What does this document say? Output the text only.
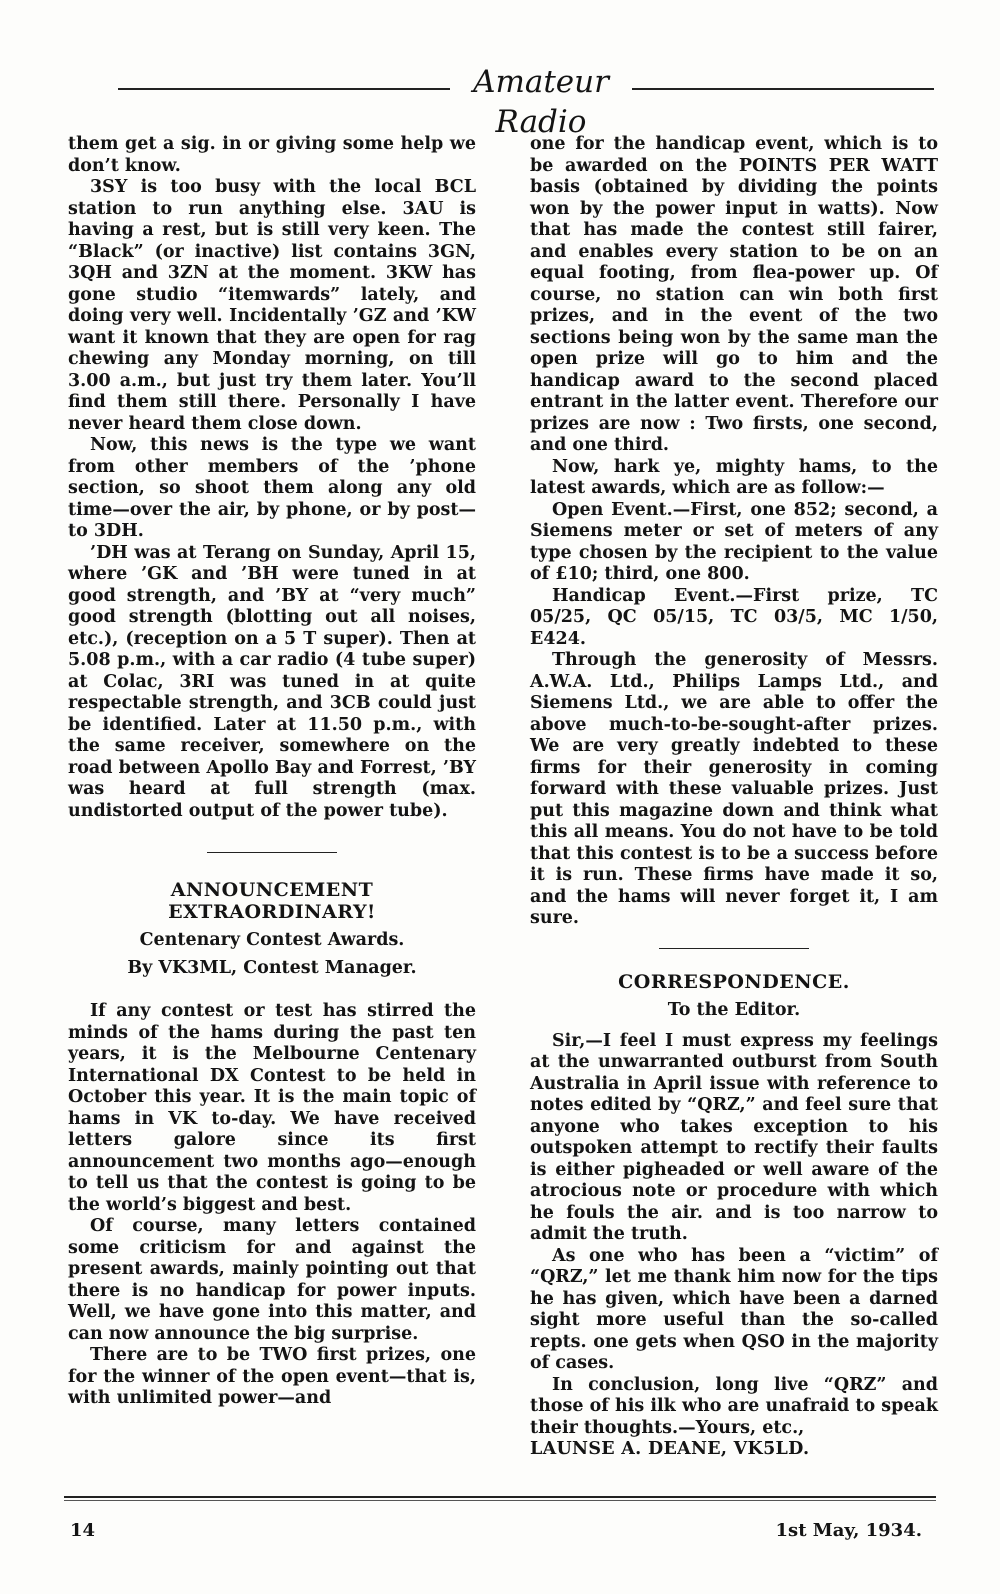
Amateur Radio

them get a sig. in or giving some help we don’t know.

3SY is too busy with the local BCL station to run anything else. 3AU is having a rest, but is still very keen. The “Black” (or inactive) list contains 3GN, 3QH and 3ZN at the moment. 3KW has gone studio “itemwards” lately, and doing very well. Incidentally ’GZ and ’KW want it known that they are open for rag chewing any Monday morning, on till 3.00 a.m., but just try them later. You’ll find them still there. Personally I have never heard them close down.

Now, this news is the type we want from other members of the ’phone section, so shoot them along any old time—over the air, by phone, or by post—to 3DH.

’DH was at Terang on Sunday, April 15, where ’GK and ’BH were tuned in at good strength, and ’BY at “very much” good strength (blotting out all noises, etc.), (reception on a 5 T super). Then at 5.08 p.m., with a car radio (4 tube super) at Colac, 3RI was tuned in at quite respectable strength, and 3CB could just be identified. Later at 11.50 p.m., with the same receiver, somewhere on the road between Apollo Bay and Forrest, ’BY was heard at full strength (max. undistorted output of the power tube).

ANNOUNCEMENT
EXTRAORDINARY!
Centenary Contest Awards.
By VK3ML, Contest Manager.

If any contest or test has stirred the minds of the hams during the past ten years, it is the Melbourne Centenary International DX Contest to be held in October this year. It is the main topic of hams in VK to-day. We have received letters galore since its first announcement two months ago—enough to tell us that the contest is going to be the world’s biggest and best.

Of course, many letters contained some criticism for and against the present awards, mainly pointing out that there is no handicap for power inputs. Well, we have gone into this matter, and can now announce the big surprise.

There are to be TWO first prizes, one for the winner of the open event—that is, with unlimited power—and

one for the handicap event, which is to be awarded on the POINTS PER WATT basis (obtained by dividing the points won by the power input in watts). Now that has made the contest still fairer, and enables every station to be on an equal footing, from flea-power up. Of course, no station can win both first prizes, and in the event of the two sections being won by the same man the open prize will go to him and the handicap award to the second placed entrant in the latter event. Therefore our prizes are now : Two firsts, one second, and one third.

Now, hark ye, mighty hams, to the latest awards, which are as follow:—

Open Event.—First, one 852; second, a Siemens meter or set of meters of any type chosen by the recipient to the value of £10; third, one 800.

Handicap Event.—First prize, TC 05/25, QC 05/15, TC 03/5, MC 1/50, E424.

Through the generosity of Messrs. A.W.A. Ltd., Philips Lamps Ltd., and Siemens Ltd., we are able to offer the above much-to-be-sought-after prizes. We are very greatly indebted to these firms for their generosity in coming forward with these valuable prizes. Just put this magazine down and think what this all means. You do not have to be told that this contest is to be a success before it is run. These firms have made it so, and the hams will never forget it, I am sure.

CORRESPONDENCE.
To the Editor.

Sir,—I feel I must express my feelings at the unwarranted outburst from South Australia in April issue with reference to notes edited by “QRZ,” and feel sure that anyone who takes exception to his outspoken attempt to rectify their faults is either pigheaded or well aware of the atrocious note or procedure with which he fouls the air. and is too narrow to admit the truth.

As one who has been a “victim” of “QRZ,” let me thank him now for the tips he has given, which have been a darned sight more useful than the so-called repts. one gets when QSO in the majority of cases.

In conclusion, long live “QRZ” and those of his ilk who are unafraid to speak their thoughts.—Yours, etc.,

LAUNSE A. DEANE, VK5LD.

14	1st May, 1934.
